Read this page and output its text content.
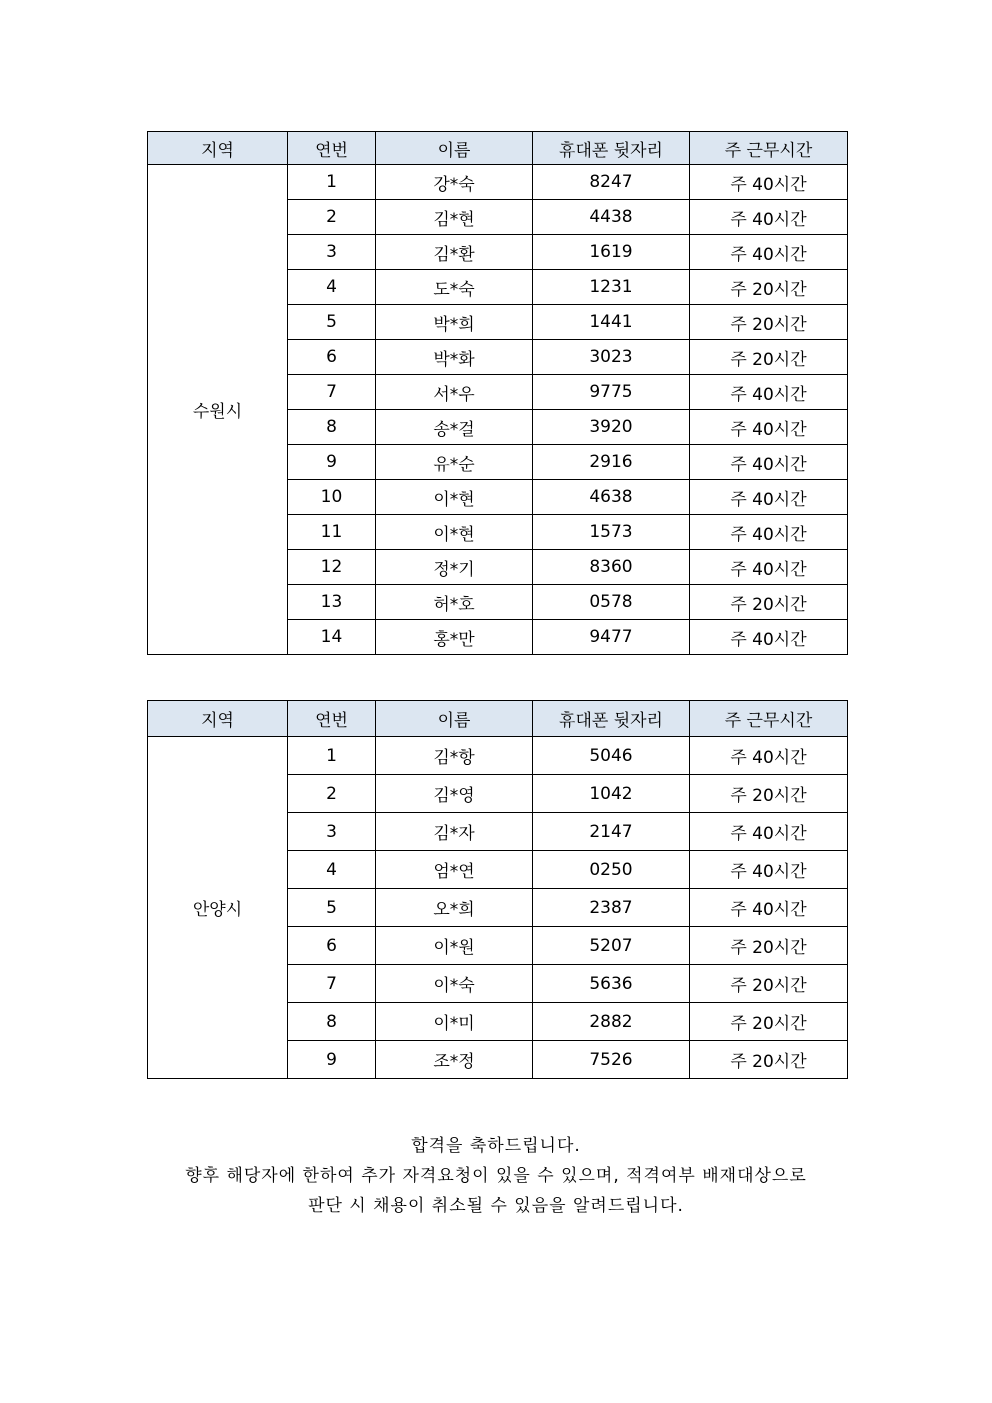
지역	연번	이름	휴대폰 뒷자리	주 근무시간
수원시	1	강*숙	8247	주 40시간
	2	김*현	4438	주 40시간
	3	김*환	1619	주 40시간
	4	도*숙	1231	주 20시간
	5	박*희	1441	주 20시간
	6	박*화	3023	주 20시간
	7	서*우	9775	주 40시간
	8	송*걸	3920	주 40시간
	9	유*순	2916	주 40시간
	10	이*현	4638	주 40시간
	11	이*현	1573	주 40시간
	12	정*기	8360	주 40시간
	13	허*호	0578	주 20시간
	14	홍*만	9477	주 40시간
지역	연번	이름	휴대폰 뒷자리	주 근무시간
안양시	1	김*항	5046	주 40시간
	2	김*영	1042	주 20시간
	3	김*자	2147	주 40시간
	4	엄*연	0250	주 40시간
	5	오*희	2387	주 40시간
	6	이*원	5207	주 20시간
	7	이*숙	5636	주 20시간
	8	이*미	2882	주 20시간
	9	조*정	7526	주 20시간

합격을 축하드립니다.

향후 해당자에 한하여 추가 자격요청이 있을 수 있으며, 적격여부 배재대상으로

판단 시 채용이 취소될 수 있음을 알려드립니다.
